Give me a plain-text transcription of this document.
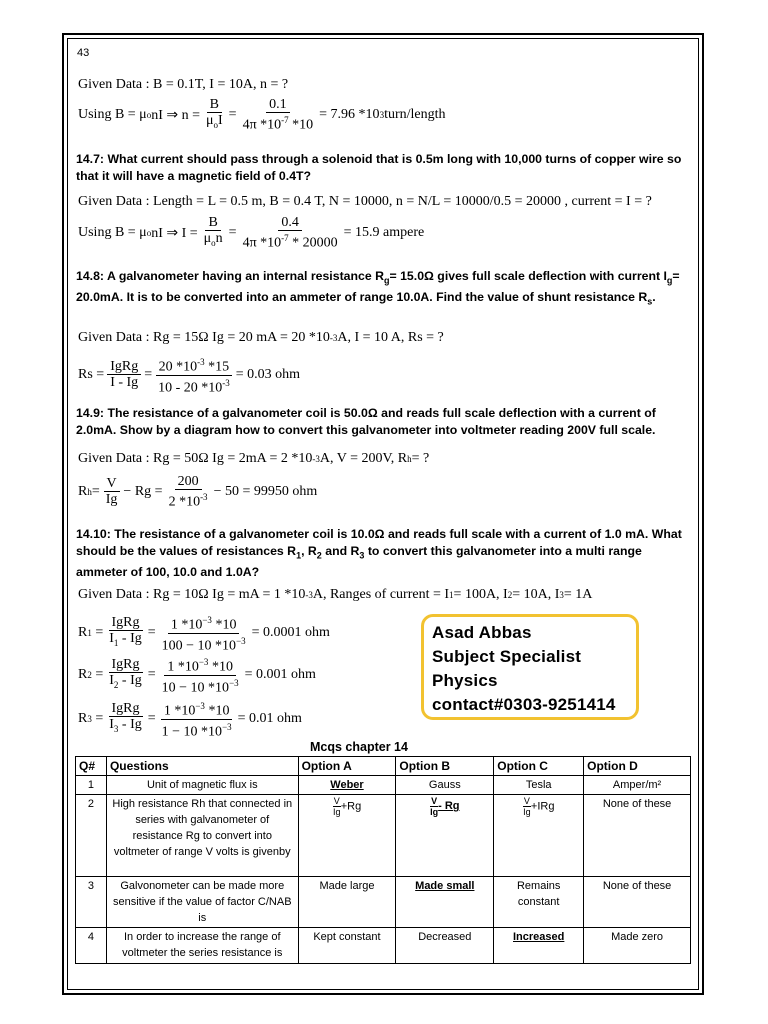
43
Given Data : B = 0.1T, I = 10A, n = ?
Using B = μ o nI ⇒ $n = \frac{B}{\mu_oI} = \frac{0.1}{4\pi *10^{-7} *10} = 7.96$ *10 3 turn/length
14.7: What current should pass through a solenoid that is 0.5m long with 10,000 turns of copper wire so that it will have a magnetic field of 0.4T?
Given Data : Length = L = 0.5 m, B = 0.4 T, N = 10000, n = N/L = 10000/0.5 = 20000 , current = I = ?
Using B = μ o nI ⇒ $I = \frac{B}{\mu_on} = \frac{0.4}{4\pi *10^{-7} * 20000} = 15.9$ ampere
14.8: A galvanometer having an internal resistance $R_g= 15.0\Omega$ gives full scale deflection with current $I_g= 20.0mA$. It is to be converted into an ammeter of range 10.0A. Find the value of shunt resistance $R_s$.
Given Data : Rg = 15Ω Ig = 20 mA = 20 *10 -3 A, I = 10 A, Rs = ?
$Rs = \frac{\text{IgRg}}{I - Ig} = \frac{20 *10^{-3} *15}{10 - 20 *10^{-3}} = 0.03$ ohm
14.9: The resistance of a galvanometer coil is 50.0Ω and reads full scale deflection with a current of 2.0mA. Show by a diagram how to convert this galvanometer into voltmeter reading 200V full scale.
Given Data : Rg = 50Ω Ig = 2mA = 2 *10 -3 A, V = 200V, R h = ?
R $h = \frac{V}{Ig} - Rg = \frac{200}{2 *10^{-3}} - 50 = 99950$ ohm
14.10: The resistance of a galvanometer coil is 10.0Ω and reads full scale with a current of 1.0 mA. What should be the values of resistances $R_1$, $R_2$ and $R_3$ to convert this galvanometer into a multi range ammeter of 100, 10.0 and 1.0A?
Given Data : Rg = 10Ω Ig = mA = 1 *10 -3 A, Ranges of current = I 1 = 100A, I 2 = 10A, I 3 = 1A
R $1 = \frac{\text{IgRg}}{I_1 - Ig} = \frac{1 *10^{-3} *10}{100 - 10 *10^{-3}} = 0.0001$ ohm
R $2 = \frac{\text{IgRg}}{I_2 - Ig} = \frac{1 *10^{-3} *10}{10 - 10 *10^{-3}} = 0.001$ ohm
R $3 = \frac{\text{IgRg}}{I_3 - Ig} = \frac{1 *10^{-3} *10}{1 - 10 *10^{-3}} = 0.01$ ohm
Asad Abbas
Subject Specialist
Physics
contact#0303-9251414
Mcqs chapter 14
Q#	Questions	Option A	Option B	Option C	Option D
1	Unit of magnetic flux is	Weber	Gauss	Tesla	Amper/m²
2	High resistance Rh that connected in series with galvanometer of resistance Rg to convert into voltmeter of range V volts is givenby	$\frac{V}{Ig} +Rg$	$\frac{V}{Ig}$ - Rg	$\frac{V}{Ig} +IRg$	None of these
3	Galvonometer can be made more sensitive if the value of factor C/NAB is	Made large	Made small	Remains constant	None of these
4	In order to increase the range of voltmeter the series resistance is	Kept constant	Decreased	Increased	Made zero
